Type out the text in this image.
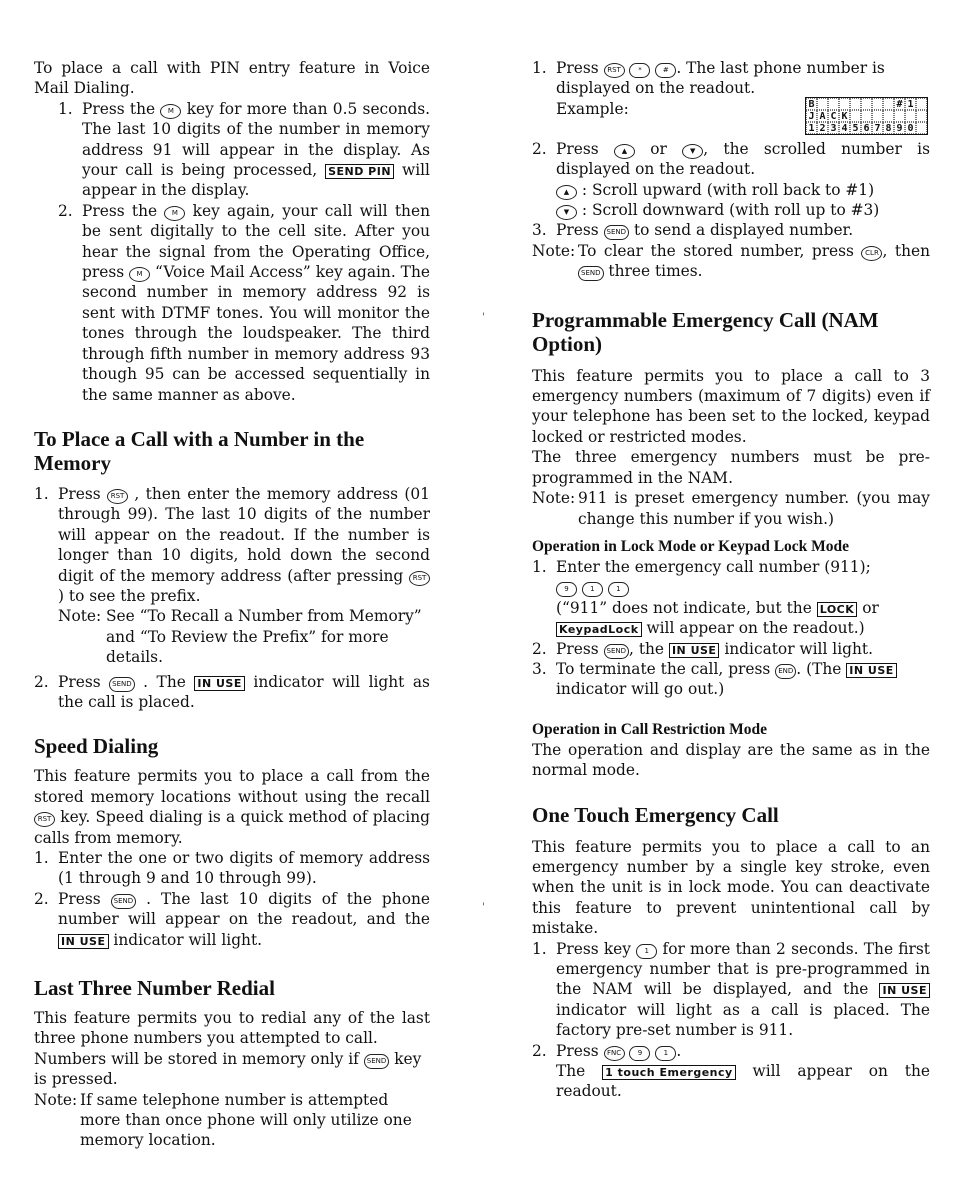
To place a call with PIN entry feature in Voice Mail Dialing.

1. Press the M key for more than 0.5 seconds. The last 10 digits of the number in memory address 91 will appear in the display. As your call is being processed, SEND PIN will appear in the display.
2. Press the M key again, your call will then be sent digitally to the cell site. After you hear the signal from the Operating Office, press M “Voice Mail Access” key again. The second number in memory address 92 is sent with DTMF tones. You will monitor the tones through the loudspeaker. The third through fifth number in memory address 93 though 95 can be accessed sequentially in the same manner as above.
To Place a Call with a Number in the Memory
1. Press RST , then enter the memory address (01 through 99). The last 10 digits of the number will appear on the readout. If the number is longer than 10 digits, hold down the second digit of the memory address (after pressing RST ) to see the prefix.
Note: See “To Recall a Number from Memory” and “To Review the Prefix” for more details.
2. Press SEND . The IN USE indicator will light as the call is placed.
Speed Dialing

This feature permits you to place a call from the stored memory locations without using the recall RST key. Speed dialing is a quick method of placing calls from memory.

1. Enter the one or two digits of memory address (1 through 9 and 10 through 99).
2. Press SEND . The last 10 digits of the phone number will appear on the readout, and the IN USE indicator will light.
Last Three Number Redial

This feature permits you to redial any of the last three phone numbers you attempted to call.

Numbers will be stored in memory only if SEND key is pressed.

Note: If same telephone number is attempted more than once phone will only utilize one memory location.
1. Press RST *	# . The last phone number is displayed on the readout.
Example:	B	# 1
J A C K
1 2 3 4 5 6 7 8 9 0
2. Press	▲ or	▼ , the scrolled number is displayed on the readout.
▲ : Scroll upward (with roll back to #1)
▼ : Scroll downward (with roll up to #3)
3. Press SEND to send a displayed number.
Note: To clear the stored number, press CLR , then SEND three times.
Programmable Emergency Call (NAM Option)

This feature permits you to place a call to 3 emergency numbers (maximum of 7 digits) even if your telephone has been set to the locked, keypad locked or restricted modes.

The three emergency numbers must be pre-programmed in the NAM.

Note: 911 is preset emergency number. (you may change this number if you wish.)
Operation in Lock Mode or Keypad Lock Mode
1. Enter the emergency call number (911);
9	1	1
(“911” does not indicate, but the LOCK or KeypadLock will appear on the readout.)
2. Press SEND , the IN USE indicator will light.
3. To terminate the call, press END . (The IN USE indicator will go out.)
Operation in Call Restriction Mode

The operation and display are the same as in the normal mode.

One Touch Emergency Call

This feature permits you to place a call to an emergency number by a single key stroke, even when the unit is in lock mode. You can deactivate this feature to prevent unintentional call by mistake.

1. Press key 1 for more than 2 seconds. The first emergency number that is pre-programmed in the NAM will be displayed, and the IN USE indicator will light as a call is placed. The factory pre-set number is 911.
2. Press FNC 9	1 .
The 1 touch Emergency will appear on the readout.
'
'
